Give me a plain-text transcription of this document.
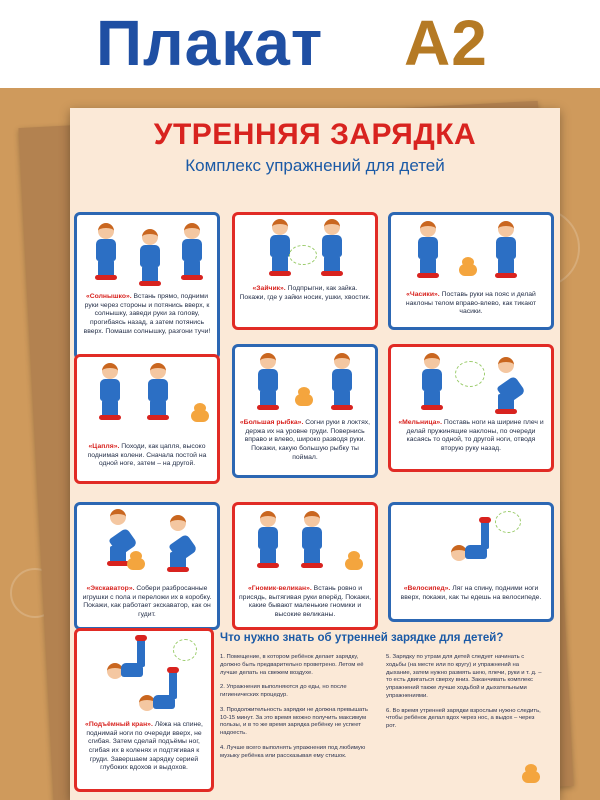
Плакат А2
УТРЕННЯЯ ЗАРЯДКА
Комплекс упражнений для детей
«Солнышко». Встань прямо, подними руки через стороны и потянись вверх, к солнышку, заведи руки за голову, прогибаясь назад, а затем потянись вверх. Помаши солнышку, разгони тучи!
«Зайчик». Подпрыгни, как зайка. Покажи, где у зайки носик, ушки, хвостик.	«Часики». Поставь руки на пояс и делай наклоны телом вправо-влево, как тикают часики.
«Цапля». Походи, как цапля, высоко поднимая колени. Сначала постой на одной ноге, затем – на другой.
«Большая рыбка». Согни руки в локтях, держа их на уровне груди. Повернись вправо и влево, широко разводя руки. Покажи, какую большую рыбку ты поймал.
«Мельница». Поставь ноги на ширине плеч и делай пружинящие наклоны, по очереди касаясь то одной, то другой ноги, отводя вторую руку назад.
«Экскаватор». Собери разбросанные игрушки с пола и переложи их в коробку. Покажи, как работает экскаватор, как он гудит.
«Гномик-великан». Встань ровно и присядь, вытягивая руки вперёд. Покажи, какие бывают маленькие гномики и высокие великаны.
«Велосипед». Ляг на спину, подними ноги вверх, покажи, как ты едешь на велосипеде.
«Подъёмный кран». Лёжа на спине, поднимай ноги по очереди вверх, не сгибая. Затем сделай подъёмы ног, сгибая их в коленях и подтягивая к груди. Завершаем зарядку серией глубоких вдохов и выдохов.
Что нужно знать об утренней зарядке для детей?
1. Помещение, в котором ребёнок делает зарядку, должно быть предварительно проветрено. Летом её лучше делать на свежем воздухе.
2. Упражнения выполняются до еды, но после гигиенических процедур.
3. Продолжительность зарядки не должна превышать 10-15 минут. За это время можно получить максимум пользы, и в то же время зарядка ребёнку не успеет надоесть.
4. Лучше всего выполнять упражнения под любимую музыку ребёнка или рассказывая ему стишок.
5. Зарядку по утрам для детей следует начинать с ходьбы (на месте или по кругу) и упражнений на дыхание, затем нужно размять шею, плечи, руки и т. д. – то есть двигаться сверху вниз. Заканчивать комплекс упражнений также лучше ходьбой и дыхательными упражнениями.
6. Во время утренней зарядки взрослым нужно следить, чтобы ребёнок делал вдох через нос, а выдох – через рот.
